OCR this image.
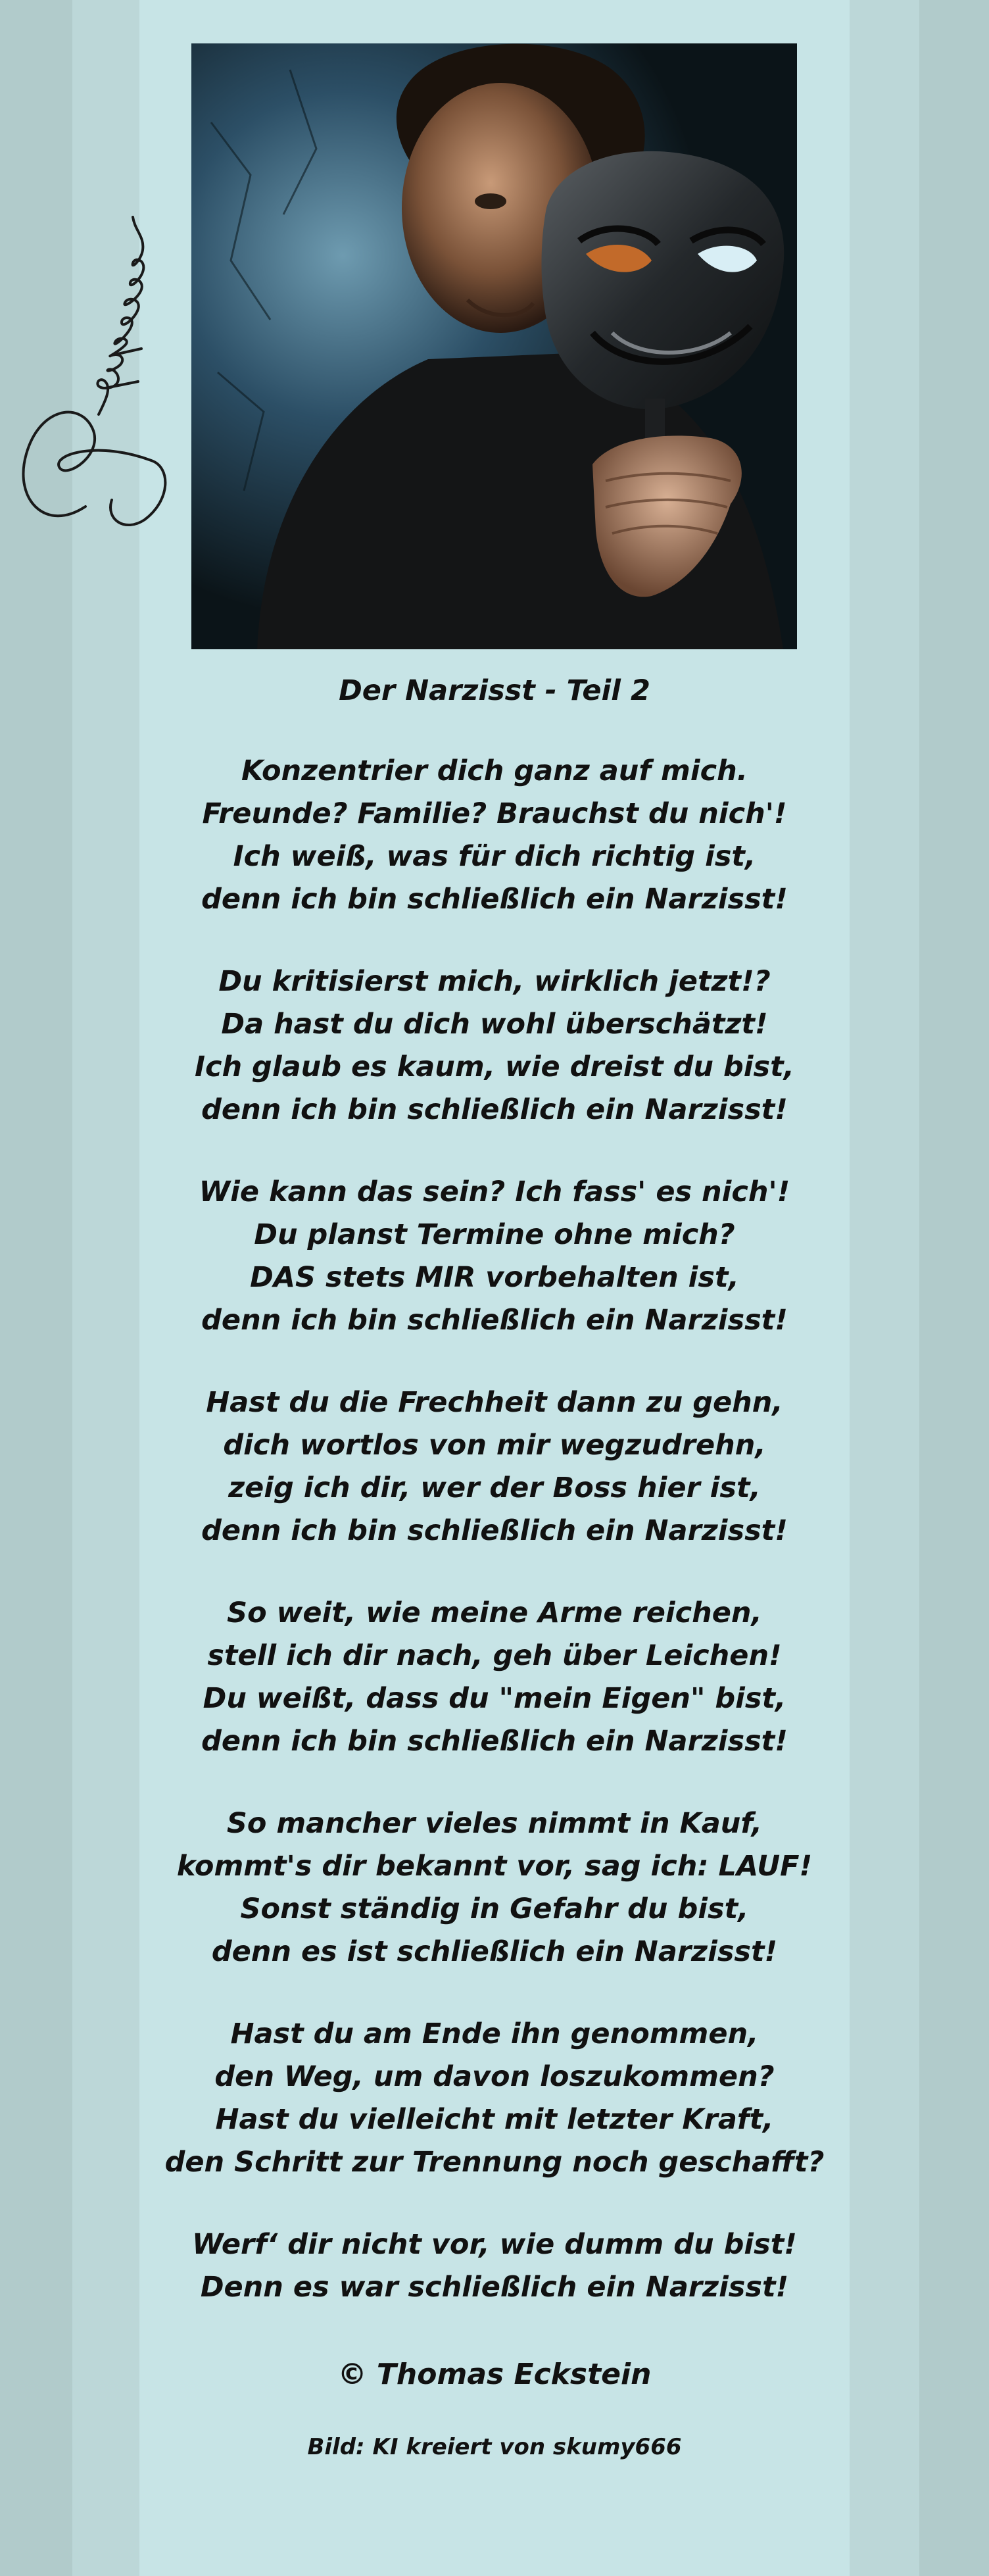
Der Narzisst - Teil 2
Konzentrier dich ganz auf mich.
Freunde? Familie? Brauchst du nich'!
Ich weiß, was für dich richtig ist,
denn ich bin schließlich ein Narzisst!
Du kritisierst mich, wirklich jetzt!?
Da hast du dich wohl überschätzt!
Ich glaub es kaum, wie dreist du bist,
denn ich bin schließlich ein Narzisst!
Wie kann das sein? Ich fass' es nich'!
Du planst Termine ohne mich?
DAS stets MIR vorbehalten ist,
denn ich bin schließlich ein Narzisst!
Hast du die Frechheit dann zu gehn,
dich wortlos von mir wegzudrehn,
zeig ich dir, wer der Boss hier ist,
denn ich bin schließlich ein Narzisst!
So weit, wie meine Arme reichen,
stell ich dir nach, geh über Leichen!
Du weißt, dass du "mein Eigen" bist,
denn ich bin schließlich ein Narzisst!
So mancher vieles nimmt in Kauf,
kommt's dir bekannt vor, sag ich: LAUF!
Sonst ständig in Gefahr du bist,
denn es ist schließlich ein Narzisst!
Hast du am Ende ihn genommen,
den Weg, um davon loszukommen?
Hast du vielleicht mit letzter Kraft,
den Schritt zur Trennung noch geschafft?
Werf‘ dir nicht vor, wie dumm du bist!
Denn es war schließlich ein Narzisst!
© Thomas Eckstein
Bild: KI kreiert von skumy666
